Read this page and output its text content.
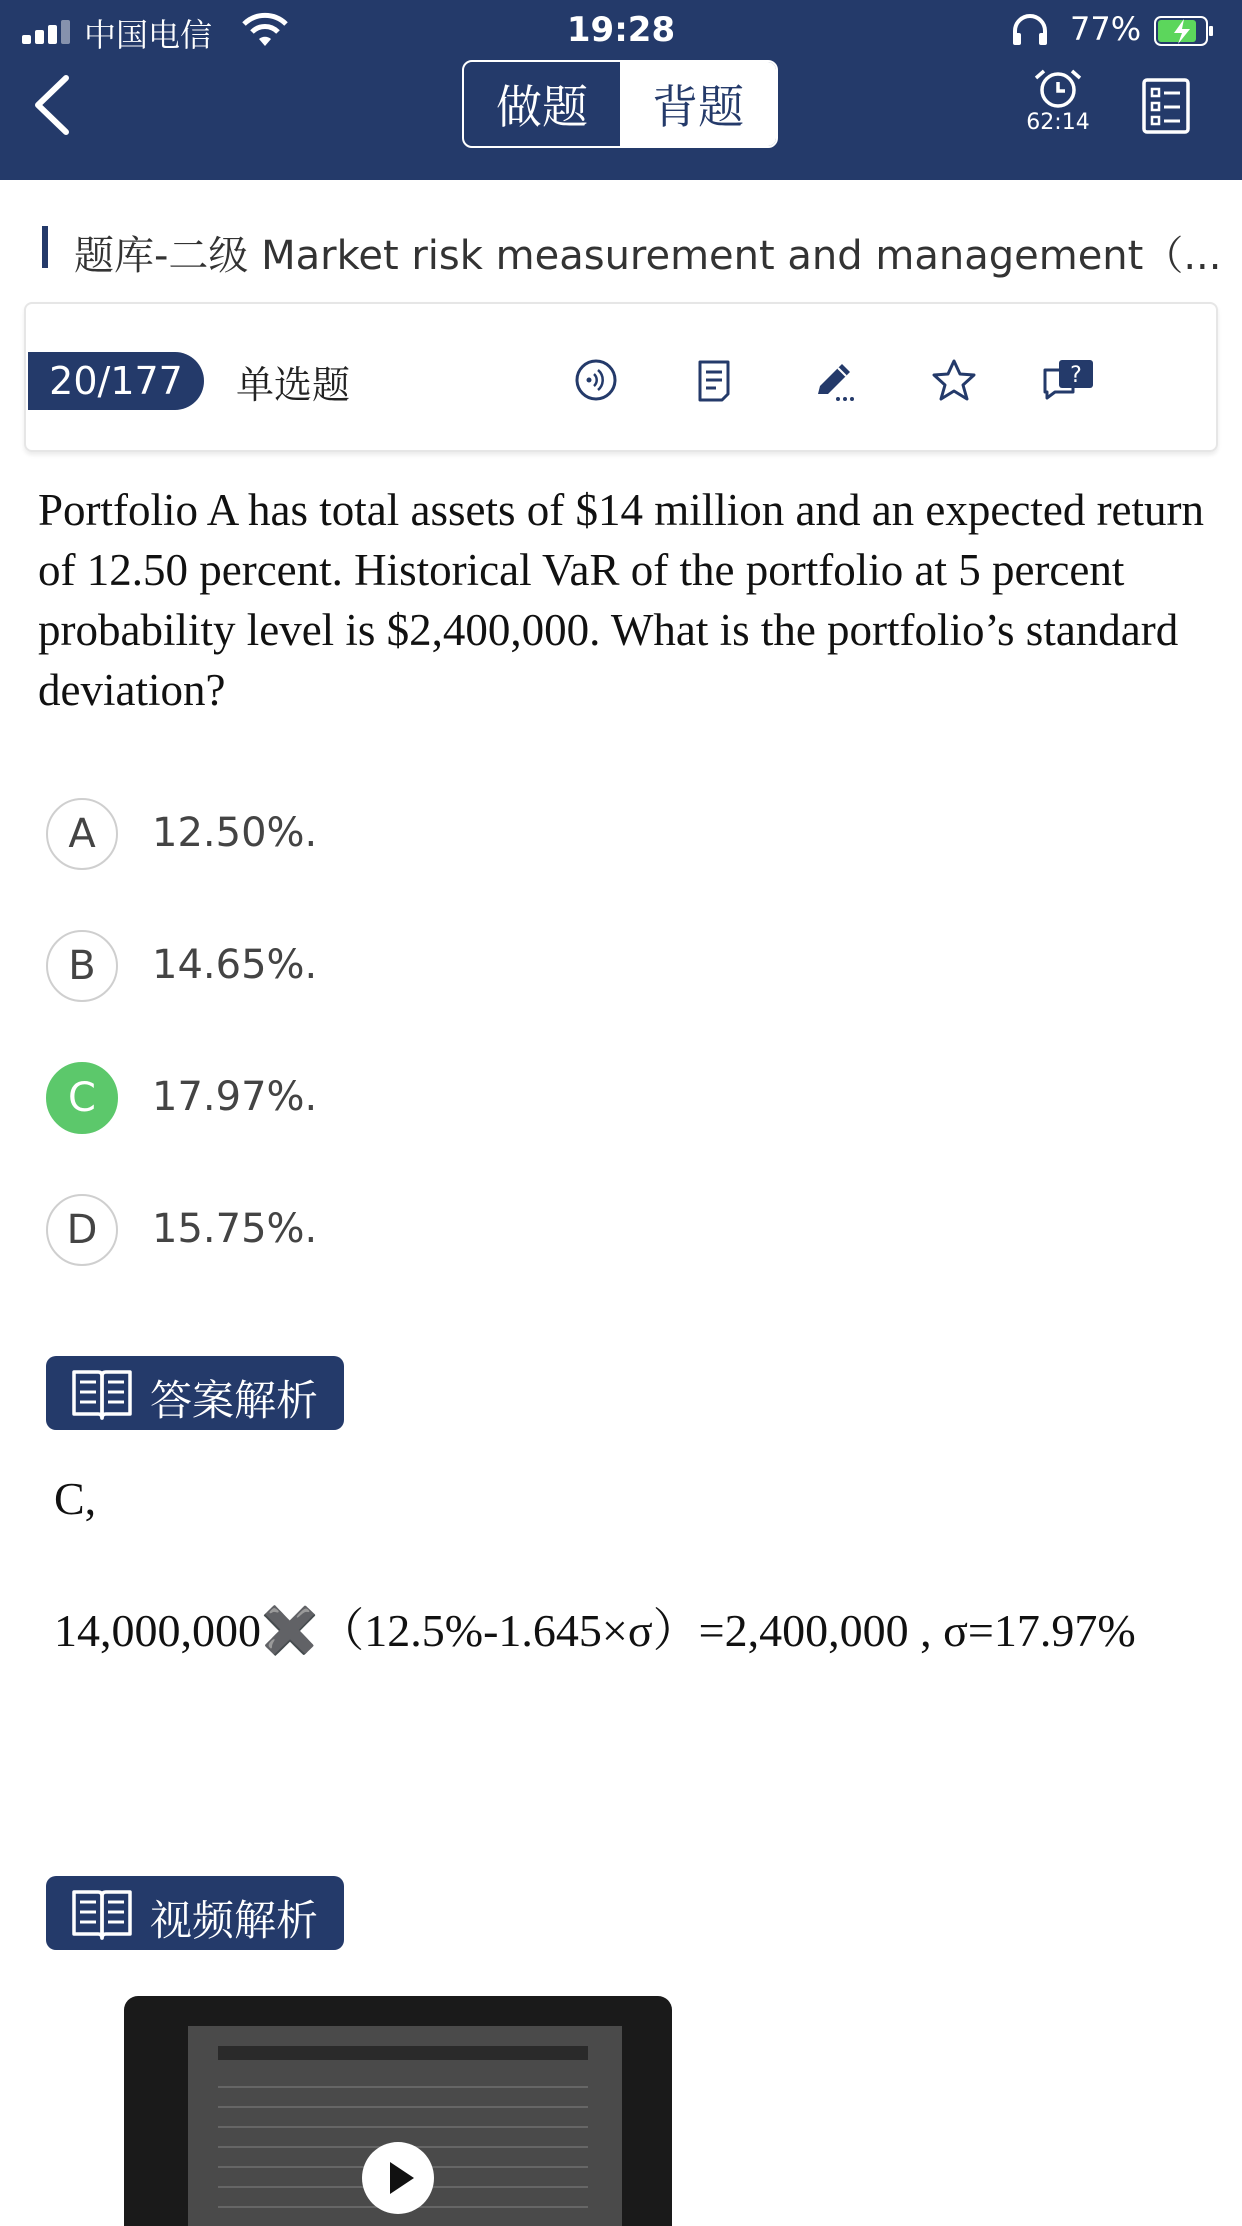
中国电信	19:28	77%
做题	背题	62:14
题库-二级 Market risk measurement and management（...
20/177	单选题	?
Portfolio A has total assets of $14 million and an expected return of 12.50 percent. Historical VaR of the portfolio at 5 percent probability level is $2,400,000. What is the portfolio’s standard deviation?
A	12.50%.
B	14.65%.
C	17.97%.
D	15.75%.
答案解析
C,
14,000,000✖️（12.5%-1.645×σ）=2,400,000 , σ=17.97%
视频解析
